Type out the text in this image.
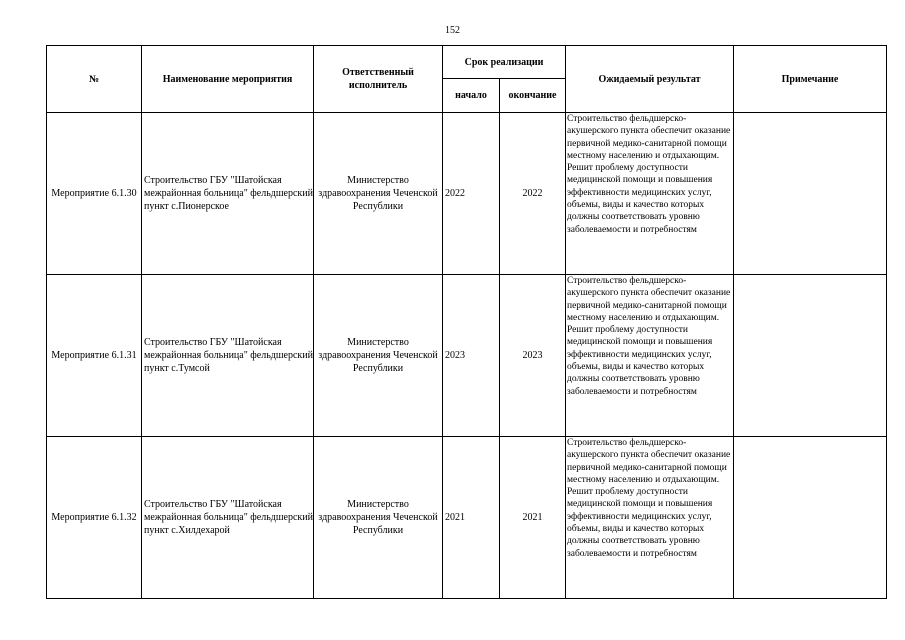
152
№	Наименование мероприятия	Ответственный исполнитель	Срок реализации		Ожидаемый результат	Примечание
			начало	окончание		
Мероприятие 6.1.30	Строительство ГБУ "Шатойская межрайонная больница" фельдшерский пункт с.Пионерское	Министерство здравоохранения Чеченской Республики	2022	2022	Строительство фельдшерско-акушерского пункта обеспечит оказание первичной медико-санитарной помощи местному населению и отдыхающим. Решит проблему доступности медицинской помощи и повышения эффективности медицинских услуг, объемы, виды и качество которых должны соответствовать уровню заболеваемости и потребностям	

Мероприятие 6.1.31	Строительство ГБУ "Шатойская межрайонная больница" фельдшерский пункт с.Тумсой	Министерство здравоохранения Чеченской Республики	2023	2023	Строительство фельдшерско-акушерского пункта обеспечит оказание первичной медико-санитарной помощи местному населению и отдыхающим. Решит проблему доступности медицинской помощи и повышения эффективности медицинских услуг, объемы, виды и качество которых должны соответствовать уровню заболеваемости и потребностям	

Мероприятие 6.1.32	Строительство ГБУ "Шатойская межрайонная больница" фельдшерский пункт с.Хилдехарой	Министерство здравоохранения Чеченской Республики	2021	2021	Строительство фельдшерско-акушерского пункта обеспечит оказание первичной медико-санитарной помощи местному населению и отдыхающим. Решит проблему доступности медицинской помощи и повышения эффективности медицинских услуг, объемы, виды и качество которых должны соответствовать уровню заболеваемости и потребностям	
